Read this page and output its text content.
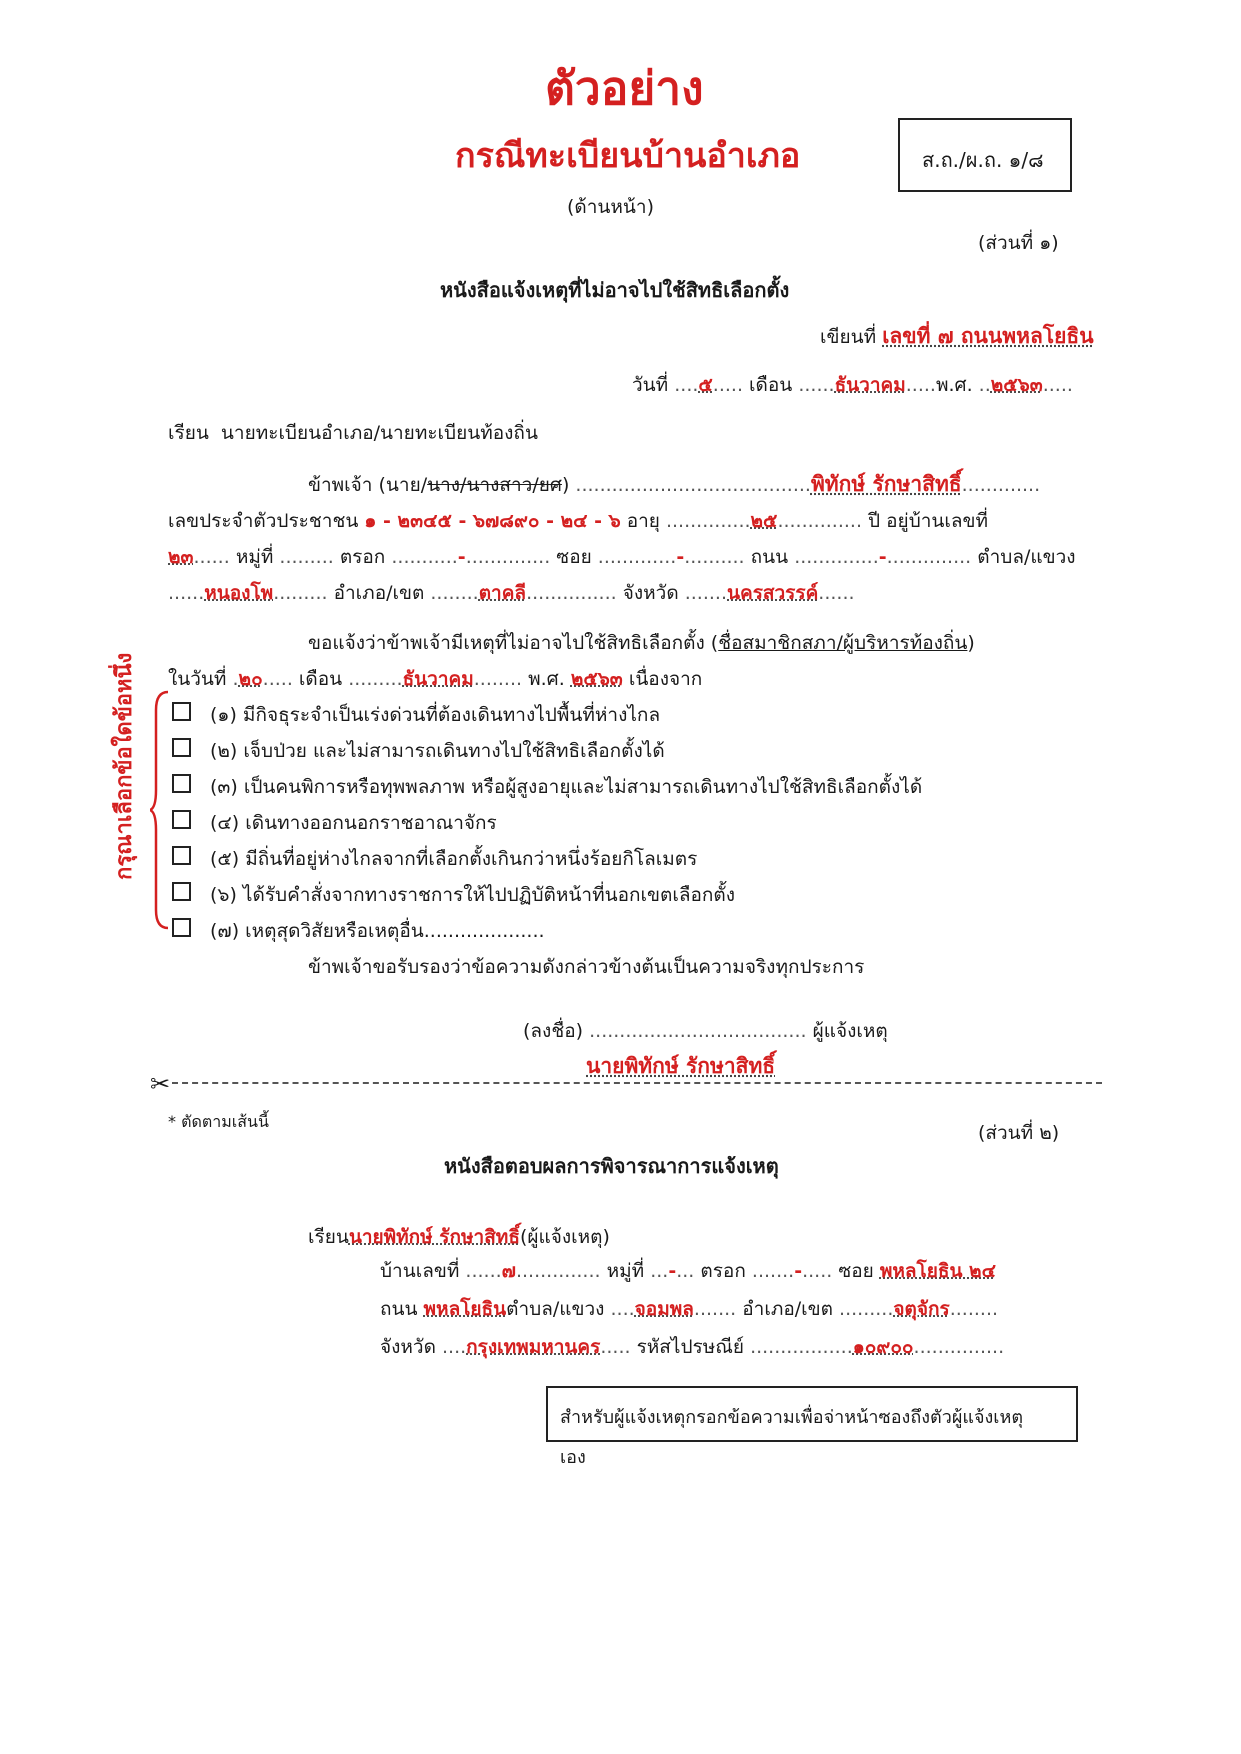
ตัวอย่าง
กรณีทะเบียนบ้านอำเภอ
(ด้านหน้า)
ส.ถ./ผ.ถ. ๑/๘
(ส่วนที่ ๑)
หนังสือแจ้งเหตุที่ไม่อาจไปใช้สิทธิเลือกตั้ง
เขียนที่ เลขที่ ๗ ถนนพหลโยธิน
วันที่ ....๕..... เดือน ......ธันวาคม.....พ.ศ. ..๒๕๖๓.....
เรียน นายทะเบียนอำเภอ/นายทะเบียนท้องถิ่น
ข้าพเจ้า (นาย/นาง/นางสาว/ยศ) .......................................พิทักษ์ รักษาสิทธิ์.............
เลขประจำตัวประชาชน ๑ - ๒๓๔๕ - ๖๗๘๙๐ - ๒๔ - ๖ อายุ ..............๒๕.............. ปี อยู่บ้านเลขที่
๒๓...... หมู่ที่ ......... ตรอก ...........-.............. ซอย .............-.......... ถนน ..............-.............. ตำบล/แขวง
......หนองโพ......... อำเภอ/เขต ........ตาคลี............... จังหวัด .......นครสวรรค์......
ขอแจ้งว่าข้าพเจ้ามีเหตุที่ไม่อาจไปใช้สิทธิเลือกตั้ง (ชื่อสมาชิกสภา/ผู้บริหารท้องถิ่น)
ในวันที่ .๒๐..... เดือน .........ธันวาคม........ พ.ศ. ๒๕๖๓ เนื่องจาก
กรุณาเลือกข้อใดข้อหนึ่ง	(๑) มีกิจธุระจำเป็นเร่งด่วนที่ต้องเดินทางไปพื้นที่ห่างไกล
(๒) เจ็บป่วย และไม่สามารถเดินทางไปใช้สิทธิเลือกตั้งได้
(๓) เป็นคนพิการหรือทุพพลภาพ หรือผู้สูงอายุและไม่สามารถเดินทางไปใช้สิทธิเลือกตั้งได้
(๔) เดินทางออกนอกราชอาณาจักร
(๕) มีถิ่นที่อยู่ห่างไกลจากที่เลือกตั้งเกินกว่าหนึ่งร้อยกิโลเมตร
(๖) ได้รับคำสั่งจากทางราชการให้ไปปฏิบัติหน้าที่นอกเขตเลือกตั้ง
(๗) เหตุสุดวิสัยหรือเหตุอื่น....................
ข้าพเจ้าขอรับรองว่าข้อความดังกล่าวข้างต้นเป็นความจริงทุกประการ
(ลงชื่อ) .................................... ผู้แจ้งเหตุ
นายพิทักษ์ รักษาสิทธิ์
✂
* ตัดตามเส้นนี้
(ส่วนที่ ๒)
หนังสือตอบผลการพิจารณาการแจ้งเหตุ
เรียนนายพิทักษ์ รักษาสิทธิ์(ผู้แจ้งเหตุ)
บ้านเลขที่ ......๗.............. หมู่ที่ ...-... ตรอก .......-..... ซอย พหลโยธิน ๒๔
ถนน พหลโยธินตำบล/แขวง ....จอมพล....... อำเภอ/เขต .........จตุจักร........
จังหวัด ....กรุงเทพมหานคร..... รหัสไปรษณีย์ .................๑๐๙๐๐...............
สำหรับผู้แจ้งเหตุกรอกข้อความเพื่อจ่าหน้าซองถึงตัวผู้แจ้งเหตุ
เอง
